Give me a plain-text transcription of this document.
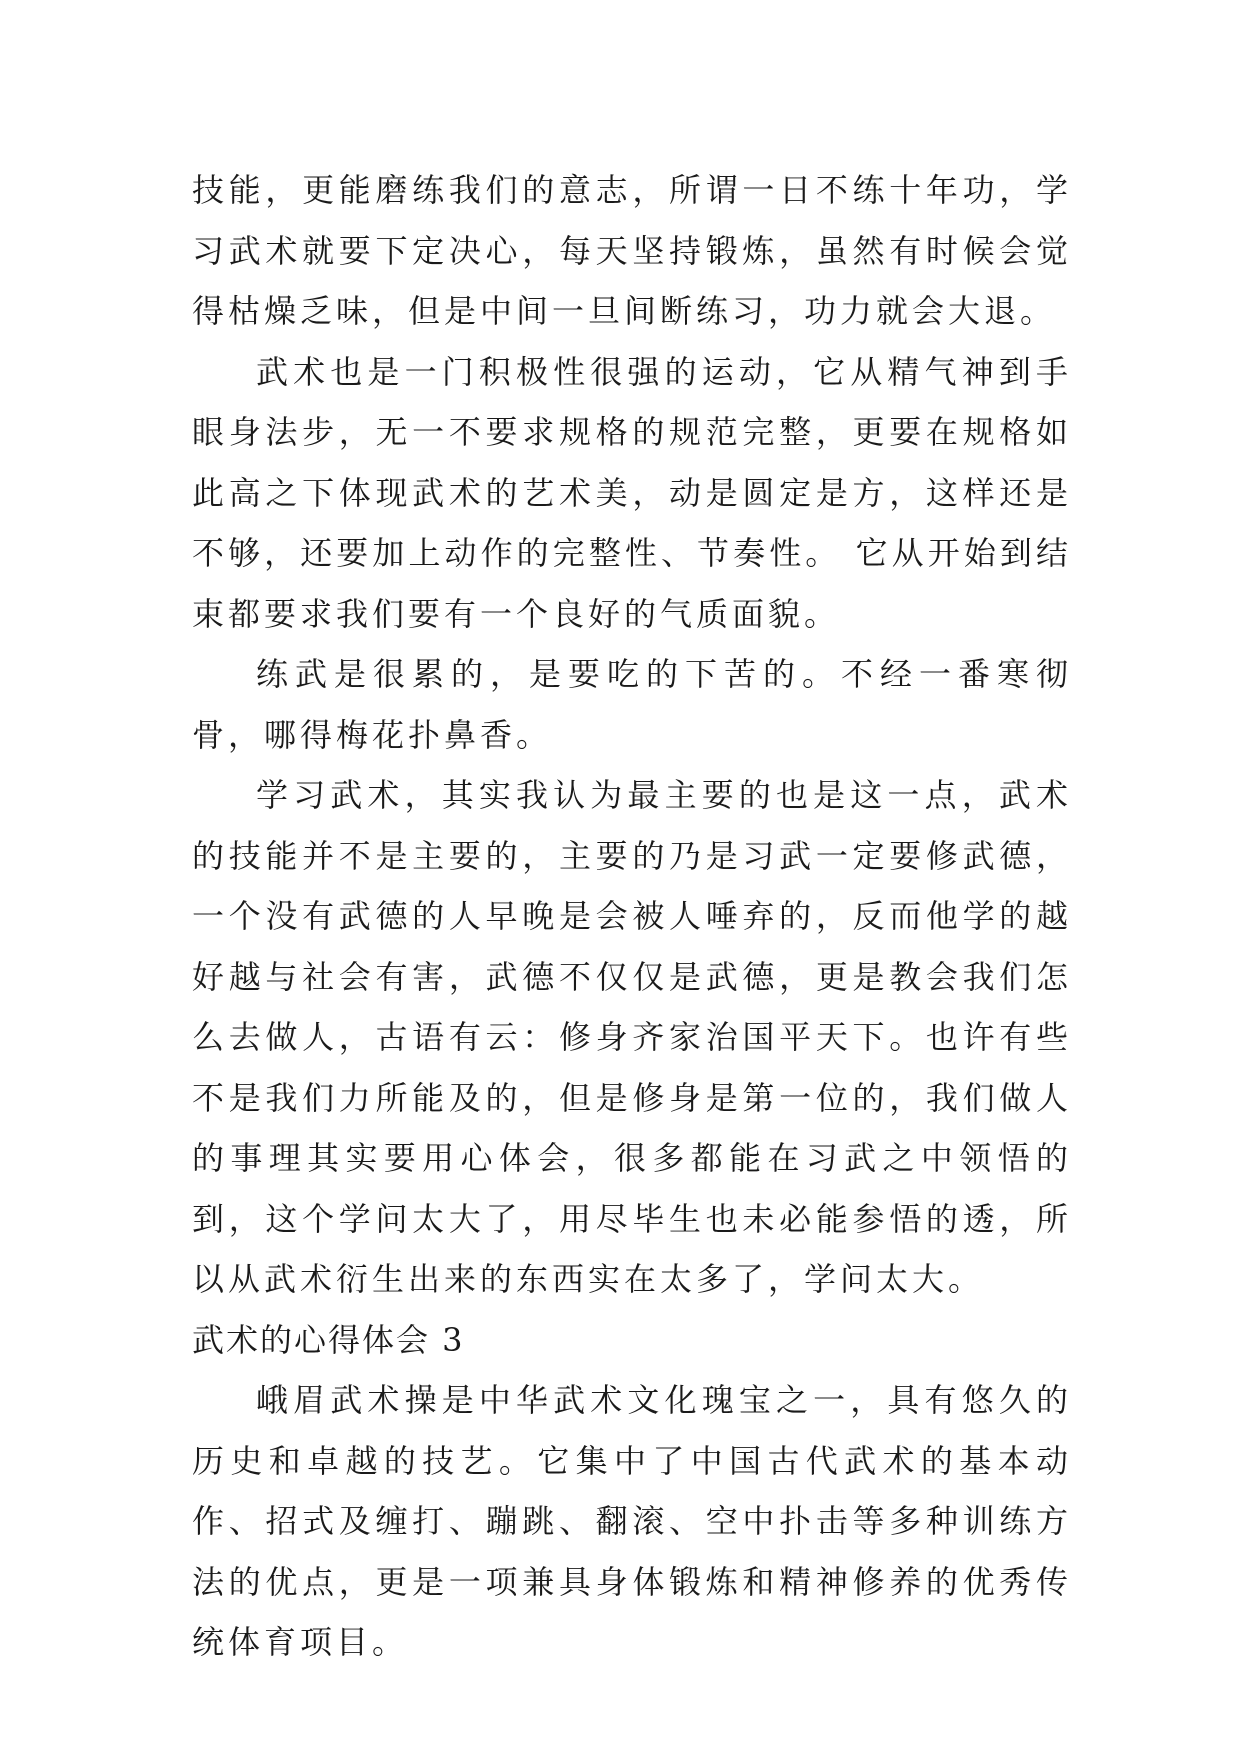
技能，更能磨练我们的意志，所谓一日不练十年功，学习武术就要下定决心，每天坚持锻炼，虽然有时候会觉得枯燥乏味，但是中间一旦间断练习，功力就会大退。

武术也是一门积极性很强的运动，它从精气神到手眼身法步，无一不要求规格的规范完整，更要在规格如此高之下体现武术的艺术美，动是圆定是方，这样还是不够，还要加上动作的完整性、节奏性。 它从开始到结束都要求我们要有一个良好的气质面貌。

练武是很累的，是要吃的下苦的。不经一番寒彻骨，哪得梅花扑鼻香。

学习武术，其实我认为最主要的也是这一点，武术的技能并不是主要的，主要的乃是习武一定要修武德，一个没有武德的人早晚是会被人唾弃的，反而他学的越好越与社会有害，武德不仅仅是武德，更是教会我们怎么去做人，古语有云：修身齐家治国平天下。也许有些不是我们力所能及的，但是修身是第一位的，我们做人的事理其实要用心体会，很多都能在习武之中领悟的到，这个学问太大了，用尽毕生也未必能参悟的透，所以从武术衍生出来的东西实在太多了，学问太大。

武术的心得体会 3

峨眉武术操是中华武术文化瑰宝之一，具有悠久的历史和卓越的技艺。它集中了中国古代武术的基本动作、招式及缠打、蹦跳、翻滚、空中扑击等多种训练方法的优点，更是一项兼具身体锻炼和精神修养的优秀传统体育项目。
